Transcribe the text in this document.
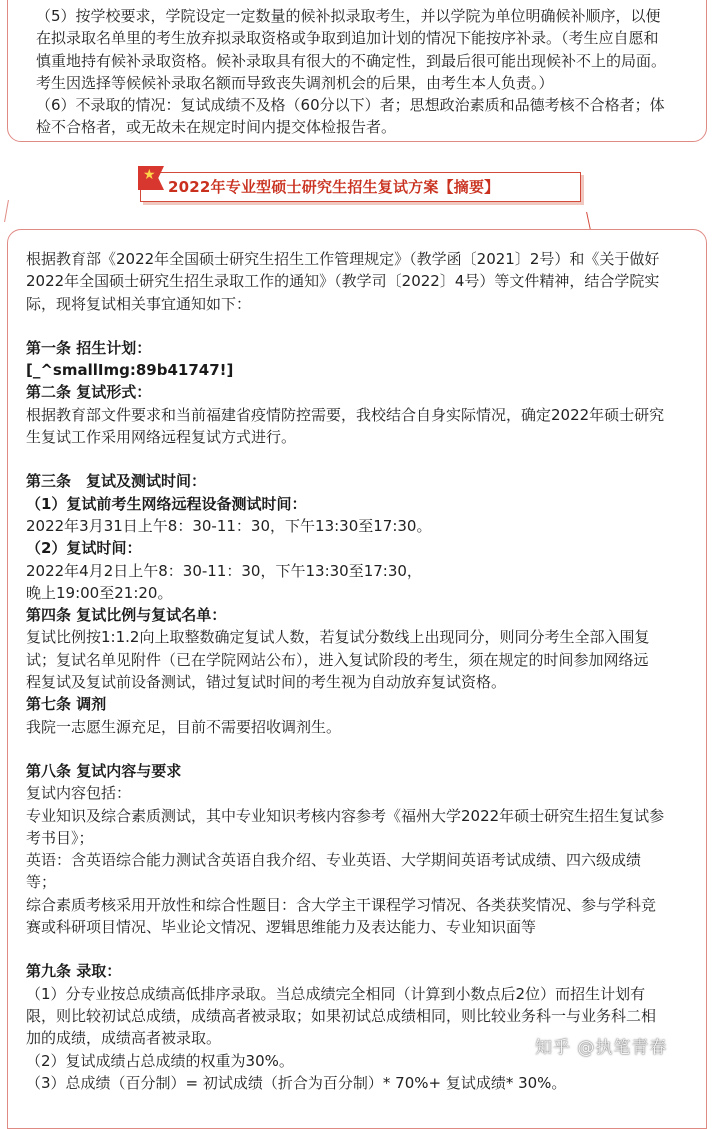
（5）按学校要求，学院设定一定数量的候补拟录取考生，并以学院为单位明确候补顺序，以便

在拟录取名单里的考生放弃拟录取资格或争取到追加计划的情况下能按序补录。（考生应自愿和

慎重地持有候补录取资格。候补录取具有很大的不确定性，到最后很可能出现候补不上的局面。

考生因选择等候候补录取名额而导致丧失调剂机会的后果，由考生本人负责。）

（6）不录取的情况：复试成绩不及格（60分以下）者；思想政治素质和品德考核不合格者；体

检不合格者，或无故未在规定时间内提交体检报告者。

★
2022年专业型硕士研究生招生复试方案【摘要】

根据教育部《2022年全国硕士研究生招生工作管理规定》（教学函〔2021〕2号）和《关于做好

2022年全国硕士研究生招生录取工作的通知》（教学司〔2022〕4号）等文件精神，结合学院实

际，现将复试相关事宜通知如下：

第一条 招生计划：

[_^smallImg:89b41747!]

第二条 复试形式：

根据教育部文件要求和当前福建省疫情防控需要，我校结合自身实际情况，确定2022年硕士研究

生复试工作采用网络远程复试方式进行。

第三条　复试及测试时间：

（1）复试前考生网络远程设备测试时间：

2022年3月31日上午8：30-11：30，下午13:30至17:30。

（2）复试时间：

2022年4月2日上午8：30-11：30，下午13:30至17:30，

晚上19:00至21:20。

第四条 复试比例与复试名单：

复试比例按1:1.2向上取整数确定复试人数，若复试分数线上出现同分，则同分考生全部入围复

试；复试名单见附件（已在学院网站公布），进入复试阶段的考生，须在规定的时间参加网络远

程复试及复试前设备测试，错过复试时间的考生视为自动放弃复试资格。

第七条 调剂

我院一志愿生源充足，目前不需要招收调剂生。

第八条 复试内容与要求

复试内容包括：

专业知识及综合素质测试，其中专业知识考核内容参考《福州大学2022年硕士研究生招生复试参

考书目》；

英语：含英语综合能力测试含英语自我介绍、专业英语、大学期间英语考试成绩、四六级成绩

等；

综合素质考核采用开放性和综合性题目：含大学主干课程学习情况、各类获奖情况、参与学科竞

赛或科研项目情况、毕业论文情况、逻辑思维能力及表达能力、专业知识面等

第九条 录取：

（1）分专业按总成绩高低排序录取。当总成绩完全相同（计算到小数点后2位）而招生计划有

限，则比较初试总成绩，成绩高者被录取；如果初试总成绩相同，则比较业务科一与业务科二相

加的成绩，成绩高者被录取。

（2）复试成绩占总成绩的权重为30%。

（3）总成绩（百分制）= 初试成绩（折合为百分制）* 70%+ 复试成绩* 30%。

知乎 @执笔青春
